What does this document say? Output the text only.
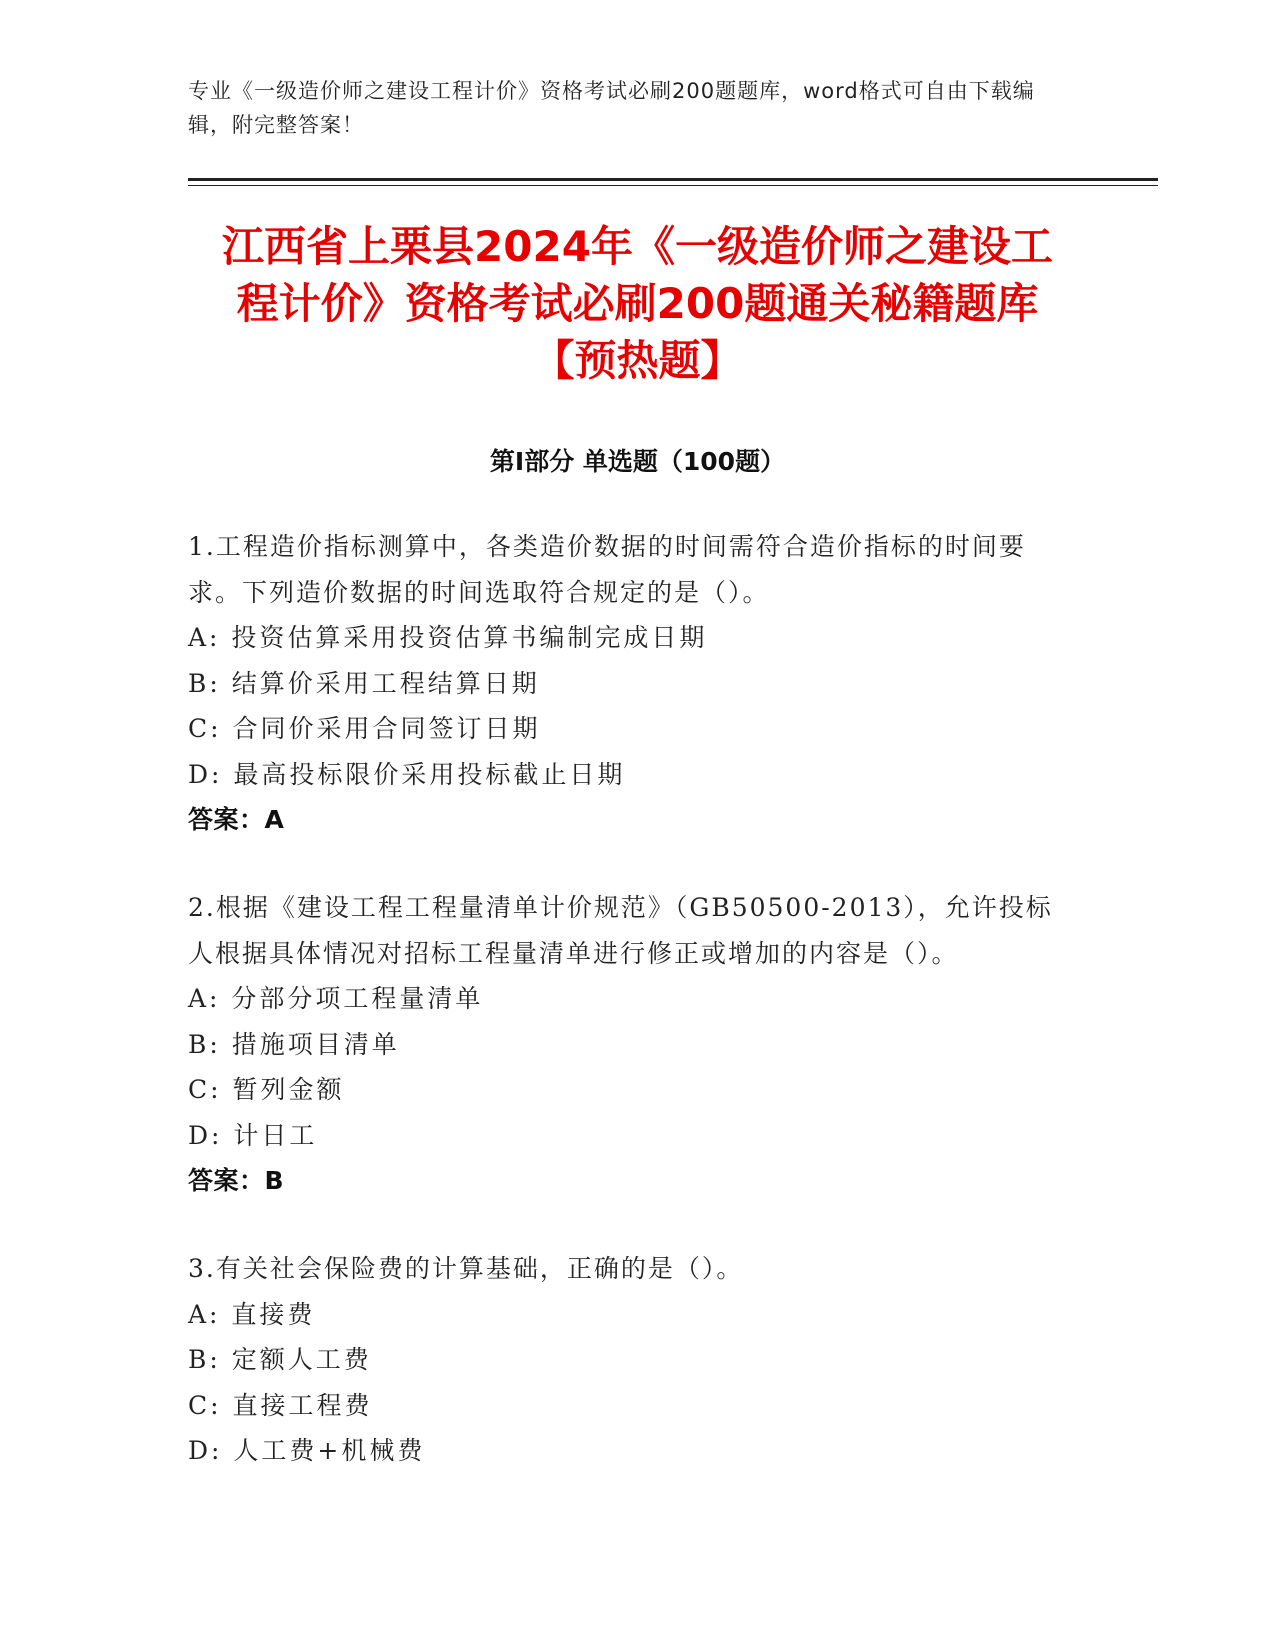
专业《一级造价师之建设工程计价》资格考试必刷200题题库，word格式可自由下载编辑，附完整答案！
江西省上栗县2024年《一级造价师之建设工
程计价》资格考试必刷200题通关秘籍题库
【预热题】
第I部分 单选题（100题）
1.工程造价指标测算中，各类造价数据的时间需符合造价指标的时间要求。下列造价数据的时间选取符合规定的是（）。
A: 投资估算采用投资估算书编制完成日期
B: 结算价采用工程结算日期
C: 合同价采用合同签订日期
D: 最高投标限价采用投标截止日期
答案：A
2.根据《建设工程工程量清单计价规范》（GB50500-2013），允许投标人根据具体情况对招标工程量清单进行修正或增加的内容是（）。
A: 分部分项工程量清单
B: 措施项目清单
C: 暂列金额
D: 计日工
答案：B
3.有关社会保险费的计算基础，正确的是（）。
A: 直接费
B: 定额人工费
C: 直接工程费
D: 人工费+机械费
